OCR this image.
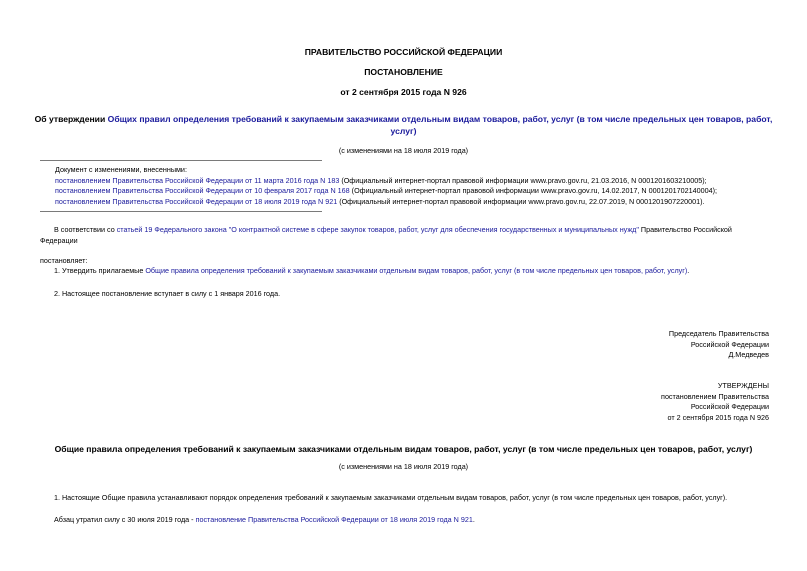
ПРАВИТЕЛЬСТВО РОССИЙСКОЙ ФЕДЕРАЦИИ
ПОСТАНОВЛЕНИЕ
от 2 сентября 2015 года N 926
Об утверждении Общих правил определения требований к закупаемым заказчиками отдельным видам товаров, работ, услуг (в том числе предельных цен товаров, работ, услуг)
(с изменениями на 18 июля 2019 года)
Документ с изменениями, внесенными:
постановлением Правительства Российской Федерации от 11 марта 2016 года N 183 (Официальный интернет-портал правовой информации www.pravo.gov.ru, 21.03.2016, N 0001201603210005);
постановлением Правительства Российской Федерации от 10 февраля 2017 года N 168 (Официальный интернет-портал правовой информации www.pravo.gov.ru, 14.02.2017, N 0001201702140004);
постановлением Правительства Российской Федерации от 18 июля 2019 года N 921 (Официальный интернет-портал правовой информации www.pravo.gov.ru, 22.07.2019, N 0001201907220001).
В соответствии со статьей 19 Федерального закона "О контрактной системе в сфере закупок товаров, работ, услуг для обеспечения государственных и муниципальных нужд" Правительство Российской
Федерации
постановляет:
1. Утвердить прилагаемые Общие правила определения требований к закупаемым заказчиками отдельным видам товаров, работ, услуг (в том числе предельных цен товаров, работ, услуг).
2. Настоящее постановление вступает в силу с 1 января 2016 года.
Председатель Правительства
Российской Федерации
Д.Медведев
УТВЕРЖДЕНЫ
постановлением Правительства
Российской Федерации
от 2 сентября 2015 года N 926
Общие правила определения требований к закупаемым заказчиками отдельным видам товаров, работ, услуг (в том числе предельных цен товаров, работ, услуг)
(с изменениями на 18 июля 2019 года)
1. Настоящие Общие правила устанавливают порядок определения требований к закупаемым заказчиками отдельным видам товаров, работ, услуг (в том числе предельных цен товаров, работ, услуг).
Абзац утратил силу с 30 июля 2019 года - постановление Правительства Российской Федерации от 18 июля 2019 года N 921.
